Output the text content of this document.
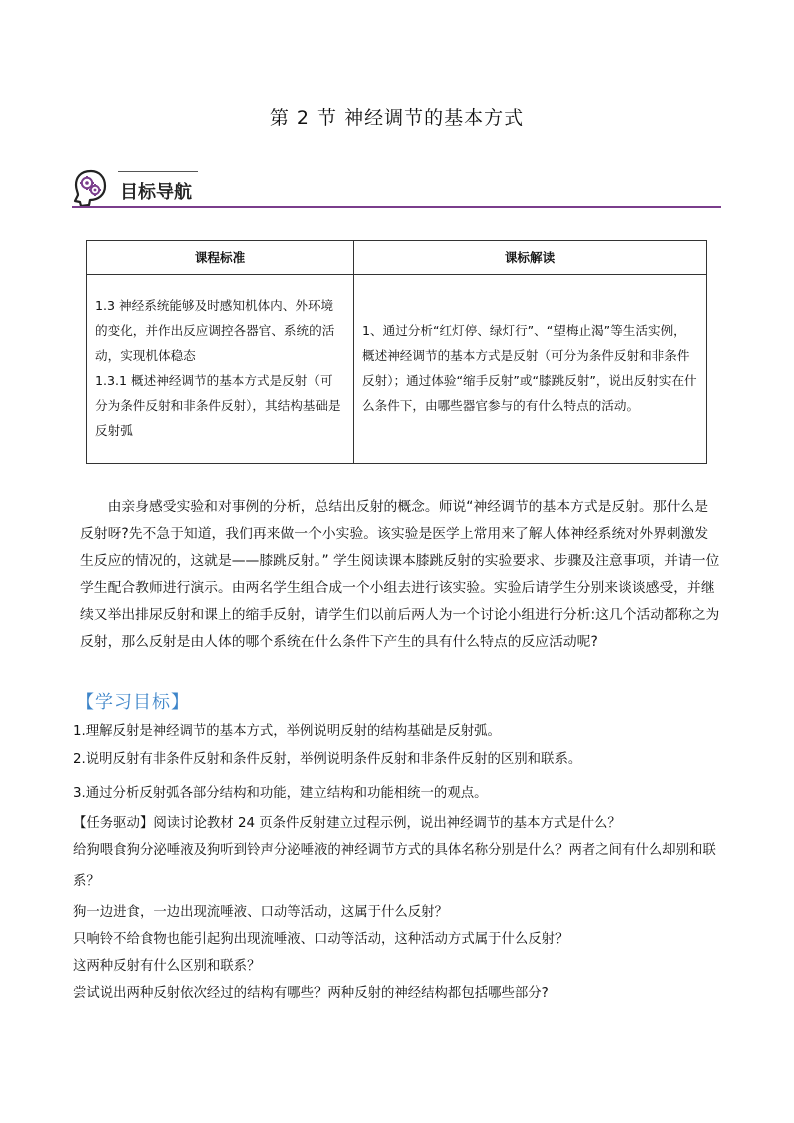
第 2 节 神经调节的基本方式
目标导航
课程标准	课标解读

1.3 神经系统能够及时感知机体内、外环境的变化，并作出反应调控各器官、系统的活动，实现机体稳态

1.3.1 概述神经调节的基本方式是反射（可分为条件反射和非条件反射），其结构基础是反射弧	1、通过分析“红灯停、绿灯行”、“望梅止渴”等生活实例，概述神经调节的基本方式是反射（可分为条件反射和非条件反射）；通过体验“缩手反射”或“膝跳反射”，说出反射实在什么条件下，由哪些器官参与的有什么特点的活动。

由亲身感受实验和对事例的分析，总结出反射的概念。师说“神经调节的基本方式是反射。那什么是反射呀?先不急于知道，我们再来做一个小实验。该实验是医学上常用来了解人体神经系统对外界刺激发生反应的情况的，这就是——膝跳反射。” 学生阅读课本膝跳反射的实验要求、步骤及注意事项，并请一位学生配合教师进行演示。由两名学生组合成一个小组去进行该实验。实验后请学生分别来谈谈感受，并继续又举出排尿反射和课上的缩手反射，请学生们以前后两人为一个讨论小组进行分析:这几个活动都称之为反射，那么反射是由人体的哪个系统在什么条件下产生的具有什么特点的反应活动呢?

【学习目标】

1.理解反射是神经调节的基本方式，举例说明反射的结构基础是反射弧。

2.说明反射有非条件反射和条件反射，举例说明条件反射和非条件反射的区别和联系。

3.通过分析反射弧各部分结构和功能，建立结构和功能相统一的观点。

【任务驱动】阅读讨论教材 24 页条件反射建立过程示例，说出神经调节的基本方式是什么？

给狗喂食狗分泌唾液及狗听到铃声分泌唾液的神经调节方式的具体名称分别是什么？两者之间有什么却别和联系？

狗一边进食，一边出现流唾液、口动等活动，这属于什么反射？

只响铃不给食物也能引起狗出现流唾液、口动等活动，这种活动方式属于什么反射？

这两种反射有什么区别和联系？

尝试说出两种反射依次经过的结构有哪些？两种反射的神经结构都包括哪些部分?
